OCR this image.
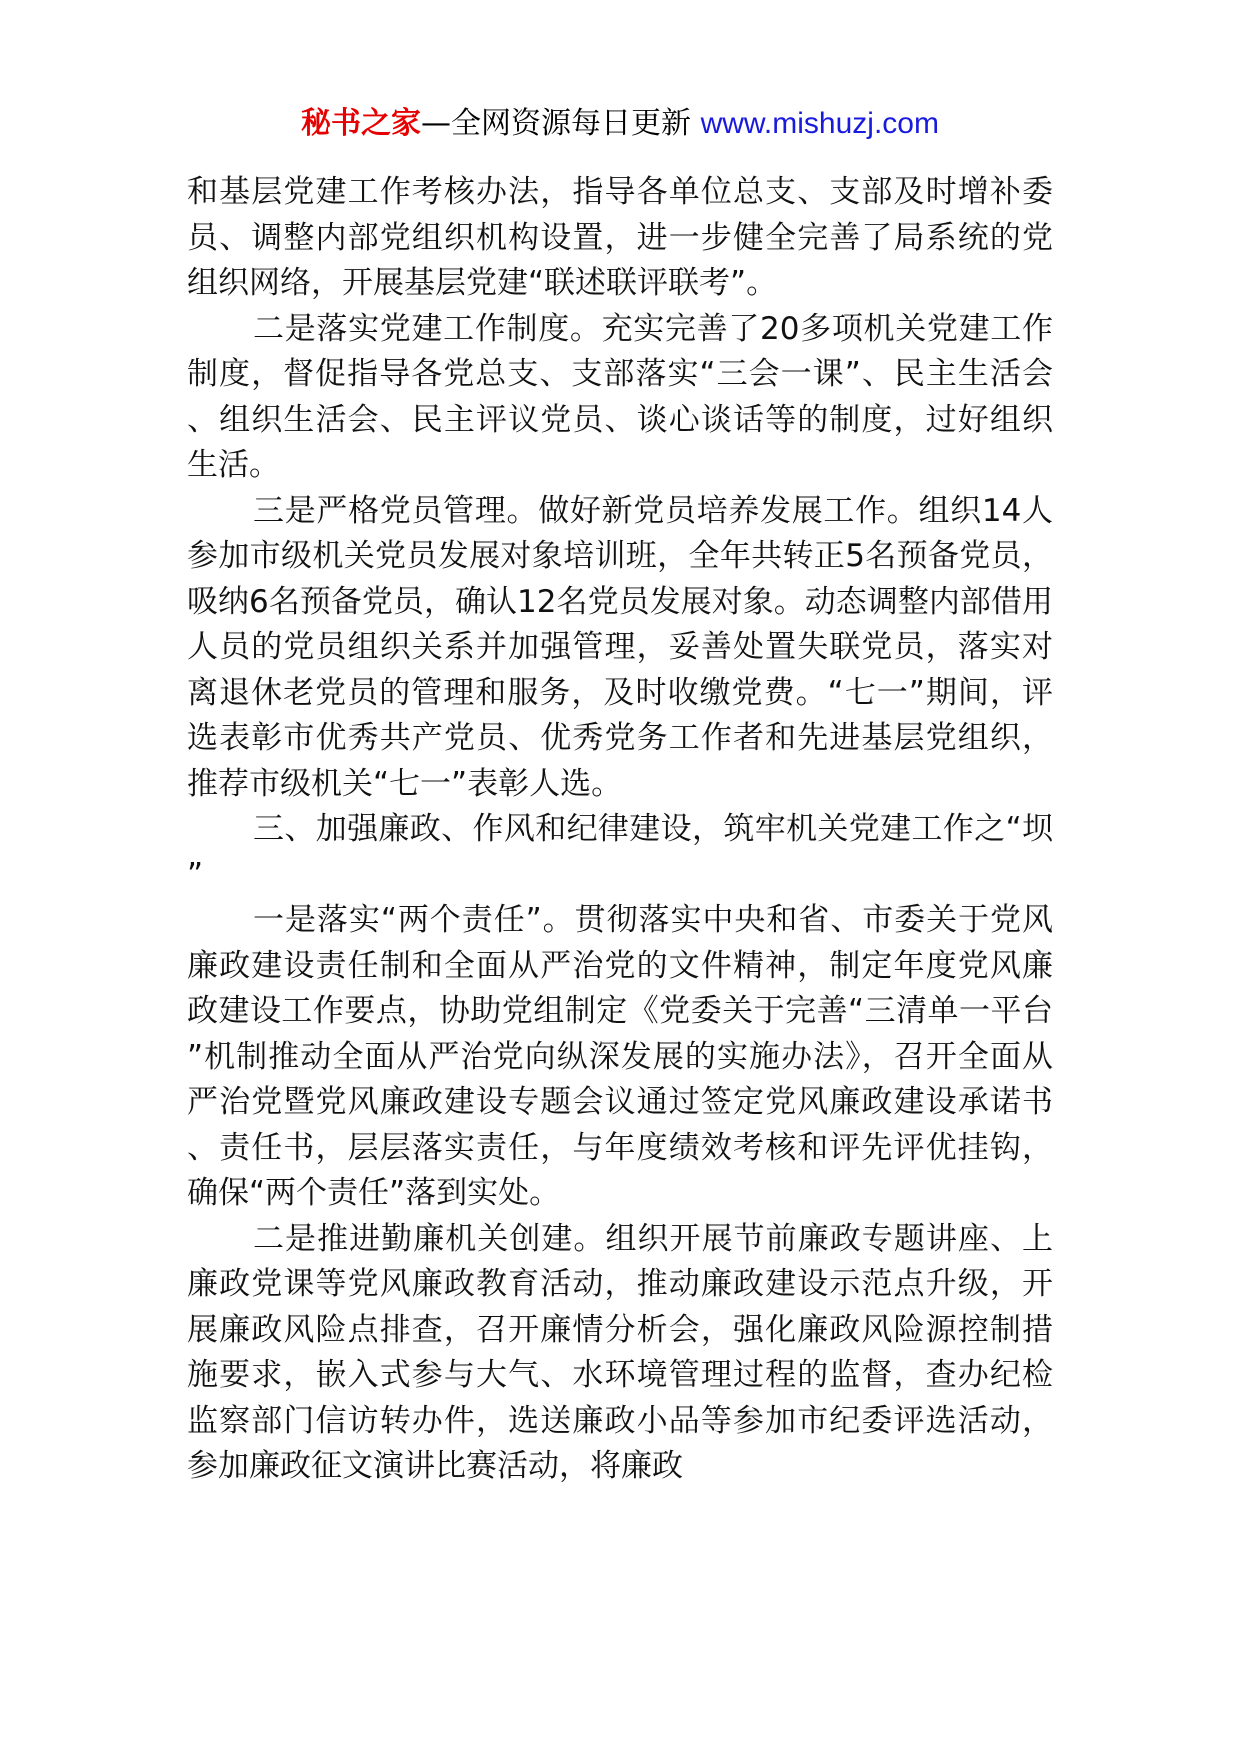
秘书之家—全网资源每日更新 www.mishuzj.com

和基层党建工作考核办法，指导各单位总支、支部及时增补委员、调整内部党组织机构设置，进一步健全完善了局系统的党组织网络，开展基层党建“联述联评联考”。

二是落实党建工作制度。充实完善了20多项机关党建工作制度，督促指导各党总支、支部落实“三会一课”、民主生活会、组织生活会、民主评议党员、谈心谈话等的制度，过好组织生活。

三是严格党员管理。做好新党员培养发展工作。组织14人参加市级机关党员发展对象培训班，全年共转正5名预备党员，吸纳6名预备党员，确认12名党员发展对象。动态调整内部借用人员的党员组织关系并加强管理，妥善处置失联党员，落实对离退休老党员的管理和服务，及时收缴党费。“七一”期间，评选表彰市优秀共产党员、优秀党务工作者和先进基层党组织，推荐市级机关“七一”表彰人选。

三、加强廉政、作风和纪律建设，筑牢机关党建工作之“坝”

一是落实“两个责任”。贯彻落实中央和省、市委关于党风廉政建设责任制和全面从严治党的文件精神，制定年度党风廉政建设工作要点，协助党组制定《党委关于完善“三清单一平台”机制推动全面从严治党向纵深发展的实施办法》，召开全面从严治党暨党风廉政建设专题会议通过签定党风廉政建设承诺书、责任书，层层落实责任，与年度绩效考核和评先评优挂钩，确保“两个责任”落到实处。

二是推进勤廉机关创建。组织开展节前廉政专题讲座、上廉政党课等党风廉政教育活动，推动廉政建设示范点升级，开展廉政风险点排查，召开廉情分析会，强化廉政风险源控制措施要求，嵌入式参与大气、水环境管理过程的监督，查办纪检监察部门信访转办件，选送廉政小品等参加市纪委评选活动，参加廉政征文演讲比赛活动，将廉政
